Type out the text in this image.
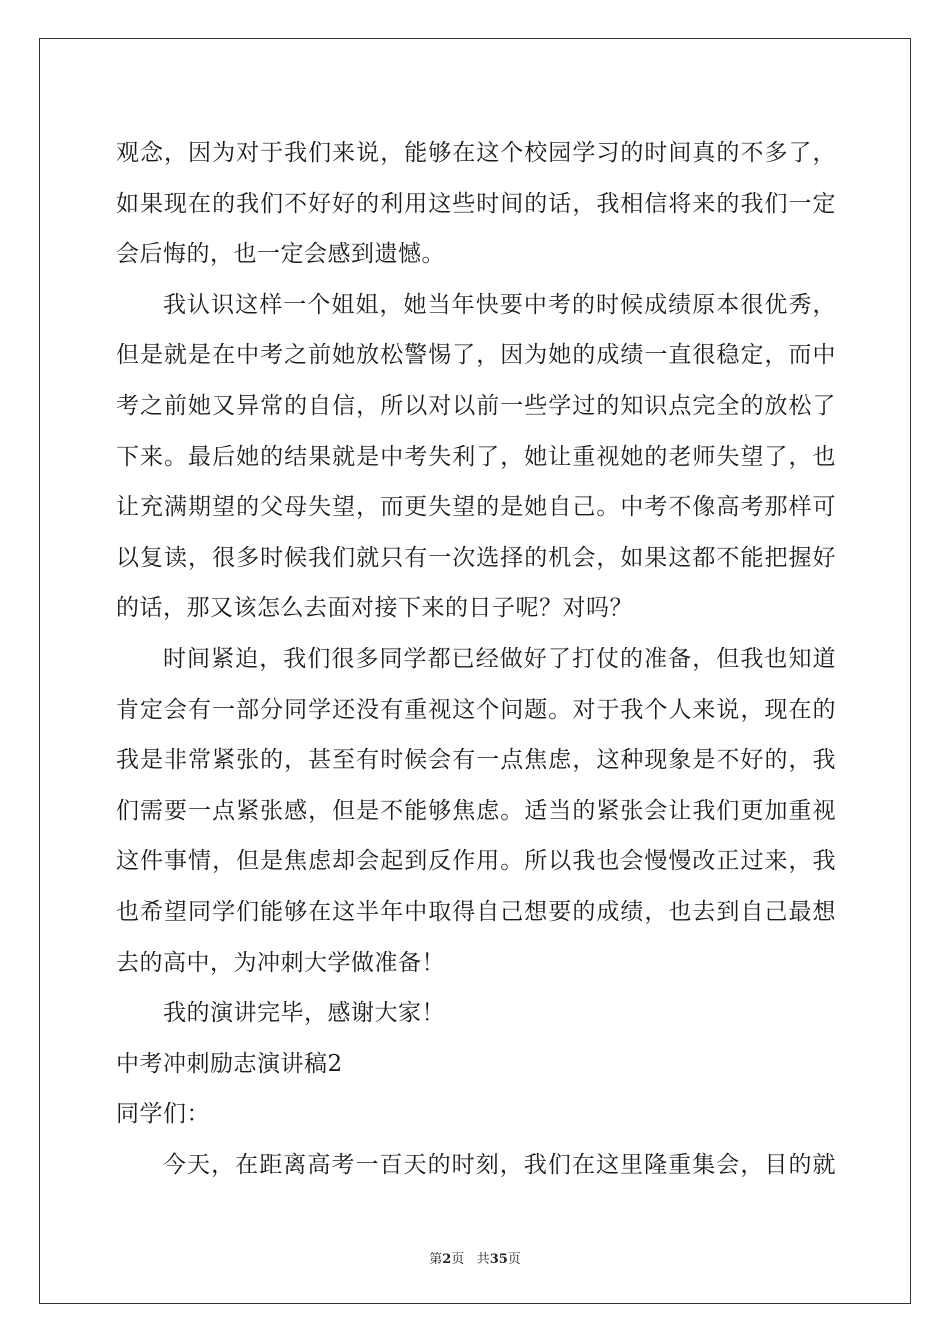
观念，因为对于我们来说，能够在这个校园学习的时间真的不多了，
如果现在的我们不好好的利用这些时间的话，我相信将来的我们一定
会后悔的，也一定会感到遗憾。
我认识这样一个姐姐，她当年快要中考的时候成绩原本很优秀，
但是就是在中考之前她放松警惕了，因为她的成绩一直很稳定，而中
考之前她又异常的自信，所以对以前一些学过的知识点完全的放松了
下来。最后她的结果就是中考失利了，她让重视她的老师失望了，也
让充满期望的父母失望，而更失望的是她自己。中考不像高考那样可
以复读，很多时候我们就只有一次选择的机会，如果这都不能把握好
的话，那又该怎么去面对接下来的日子呢？对吗？
时间紧迫，我们很多同学都已经做好了打仗的准备，但我也知道
肯定会有一部分同学还没有重视这个问题。对于我个人来说，现在的
我是非常紧张的，甚至有时候会有一点焦虑，这种现象是不好的，我
们需要一点紧张感，但是不能够焦虑。适当的紧张会让我们更加重视
这件事情，但是焦虑却会起到反作用。所以我也会慢慢改正过来，我
也希望同学们能够在这半年中取得自己想要的成绩，也去到自己最想
去的高中，为冲刺大学做准备！
我的演讲完毕，感谢大家！
中考冲刺励志演讲稿2
同学们：
今天，在距离高考一百天的时刻，我们在这里隆重集会，目的就
第2页 共35页
